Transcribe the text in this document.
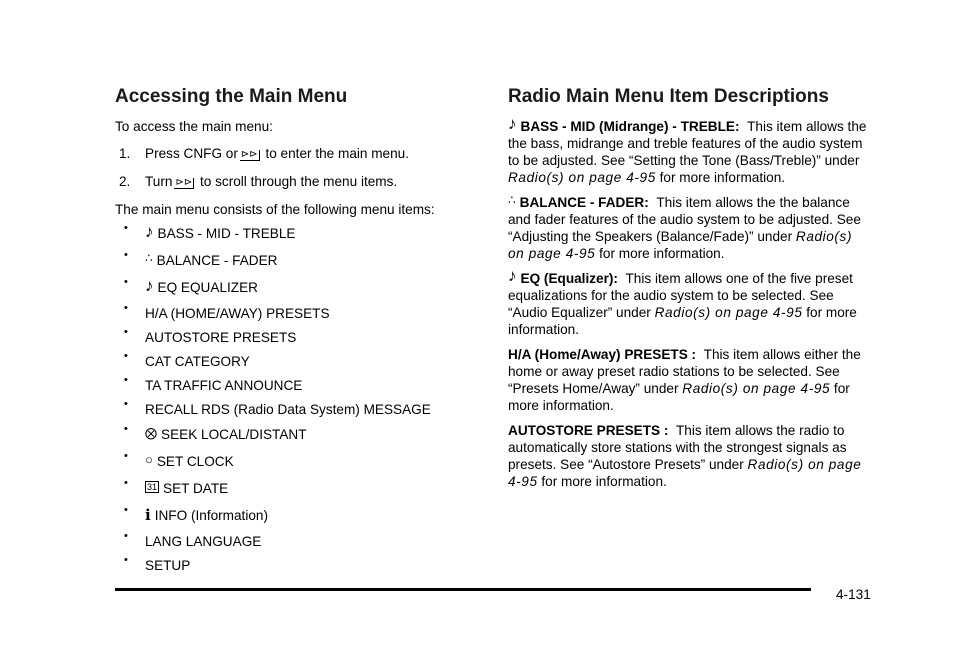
Accessing the Main Menu

To access the main menu:

1.	Press CNFG or ⊳⊳ to enter the main menu.
2.	Turn ⊳⊳ to scroll through the menu items.

The main menu consists of the following menu items:

•	♪ BASS - MID - TREBLE
•	∴ BALANCE - FADER
•	♪ EQ EQUALIZER
•	H/A (HOME/AWAY) PRESETS
•	AUTOSTORE PRESETS
•	CAT CATEGORY
•	TA TRAFFIC ANNOUNCE
•	RECALL RDS (Radio Data System) MESSAGE
•	⨂ SEEK LOCAL/DISTANT
•	○ SET CLOCK
•	31 SET DATE
•	i INFO (Information)
•	LANG LANGUAGE
•	SETUP
Radio Main Menu Item Descriptions

♪ BASS - MID (Midrange) - TREBLE: This item allows the the bass, midrange and treble features of the audio system to be adjusted. See “Setting the Tone (Bass/Treble)” under Radio(s) on page 4-95 for more information.

∴ BALANCE - FADER: This item allows the the balance and fader features of the audio system to be adjusted. See “Adjusting the Speakers (Balance/Fade)” under Radio(s) on page 4-95 for more information.

♪ EQ (Equalizer): This item allows one of the five preset equalizations for the audio system to be selected. See “Audio Equalizer” under Radio(s) on page 4-95 for more information.

H/A (Home/Away) PRESETS : This item allows either the home or away preset radio stations to be selected. See “Presets Home/Away” under Radio(s) on page 4-95 for more information.

AUTOSTORE PRESETS : This item allows the radio to automatically store stations with the strongest signals as presets. See “Autostore Presets” under Radio(s) on page 4-95 for more information.

4-131
